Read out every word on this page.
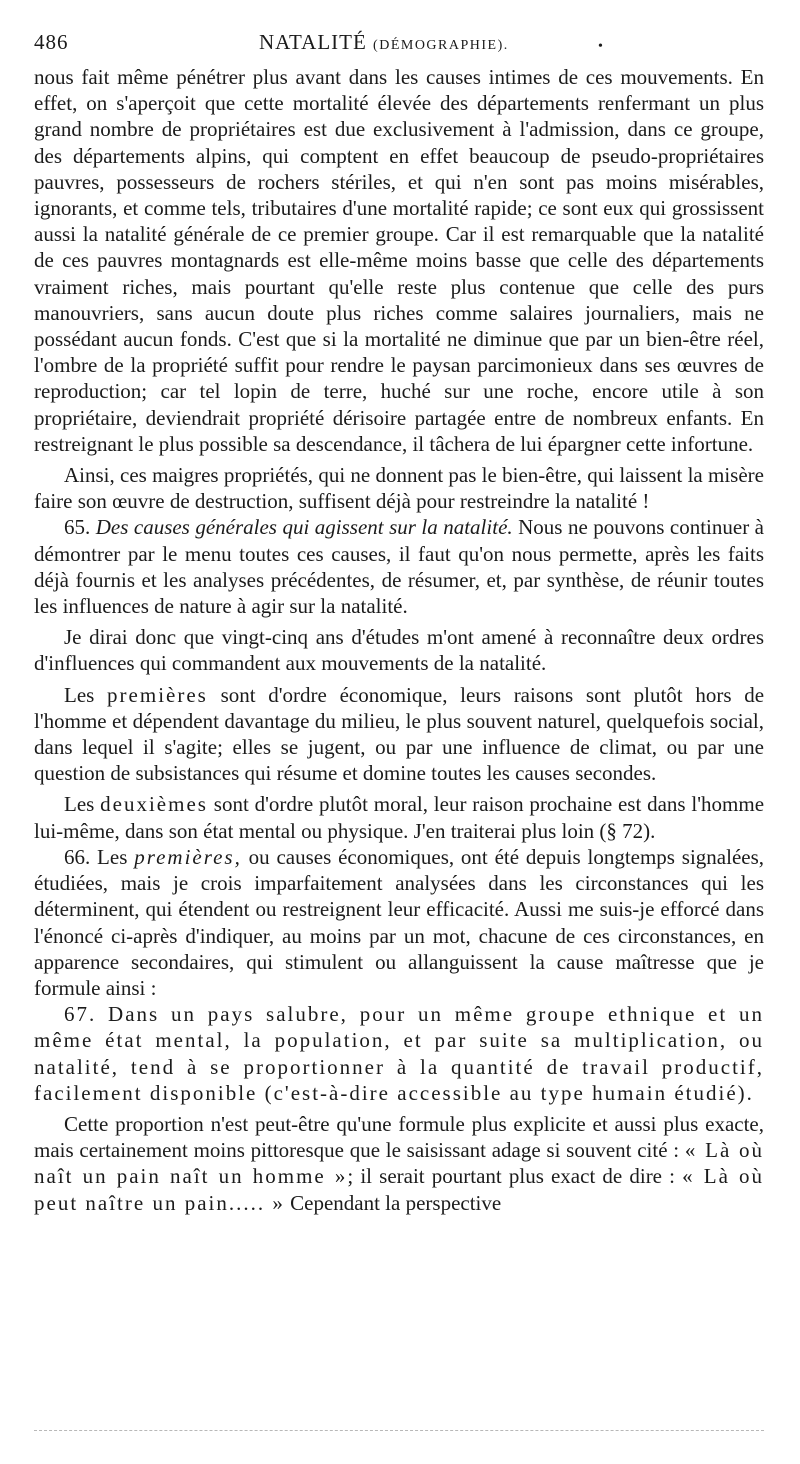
486	NATALITÉ (DÉMOGRAPHIE).	•

nous fait même pénétrer plus avant dans les causes intimes de ces mouvements. En effet, on s'aperçoit que cette mortalité élevée des départements renfermant un plus grand nombre de propriétaires est due exclusivement à l'admission, dans ce groupe, des départements alpins, qui comptent en effet beaucoup de pseudo-propriétaires pauvres, possesseurs de rochers stériles, et qui n'en sont pas moins misérables, ignorants, et comme tels, tributaires d'une mortalité rapide; ce sont eux qui grossissent aussi la natalité générale de ce premier groupe. Car il est remarquable que la natalité de ces pauvres montagnards est elle-même moins basse que celle des départements vraiment riches, mais pourtant qu'elle reste plus contenue que celle des purs manouvriers, sans aucun doute plus riches comme salaires journaliers, mais ne possédant aucun fonds. C'est que si la mortalité ne diminue que par un bien-être réel, l'ombre de la propriété suffit pour rendre le paysan parcimonieux dans ses œuvres de reproduction; car tel lopin de terre, huché sur une roche, encore utile à son propriétaire, deviendrait propriété dérisoire partagée entre de nombreux enfants. En restreignant le plus possible sa descendance, il tâchera de lui épargner cette infortune.

Ainsi, ces maigres propriétés, qui ne donnent pas le bien-être, qui laissent la misère faire son œuvre de destruction, suffisent déjà pour restreindre la natalité !

65. Des causes générales qui agissent sur la natalité. Nous ne pouvons continuer à démontrer par le menu toutes ces causes, il faut qu'on nous permette, après les faits déjà fournis et les analyses précédentes, de résumer, et, par synthèse, de réunir toutes les influences de nature à agir sur la natalité.

Je dirai donc que vingt-cinq ans d'études m'ont amené à reconnaître deux ordres d'influences qui commandent aux mouvements de la natalité.

Les premières sont d'ordre économique, leurs raisons sont plutôt hors de l'homme et dépendent davantage du milieu, le plus souvent naturel, quelquefois social, dans lequel il s'agite; elles se jugent, ou par une influence de climat, ou par une question de subsistances qui résume et domine toutes les causes secondes.

Les deuxièmes sont d'ordre plutôt moral, leur raison prochaine est dans l'homme lui-même, dans son état mental ou physique. J'en traiterai plus loin (§ 72).

66. Les premières, ou causes économiques, ont été depuis longtemps signalées, étudiées, mais je crois imparfaitement analysées dans les circonstances qui les déterminent, qui étendent ou restreignent leur efficacité. Aussi me suis-je efforcé dans l'énoncé ci-après d'indiquer, au moins par un mot, chacune de ces circonstances, en apparence secondaires, qui stimulent ou allanguissent la cause maîtresse que je formule ainsi :

67. Dans un pays salubre, pour un même groupe ethnique et un même état mental, la population, et par suite sa multiplication, ou natalité, tend à se proportionner à la quantité de travail productif, facilement disponible (c'est-à-dire accessible au type humain étudié).

Cette proportion n'est peut-être qu'une formule plus explicite et aussi plus exacte, mais certainement moins pittoresque que le saisissant adage si souvent cité : « Là où naît un pain naît un homme »; il serait pourtant plus exact de dire : « Là où peut naître un pain..... » Cependant la perspective
